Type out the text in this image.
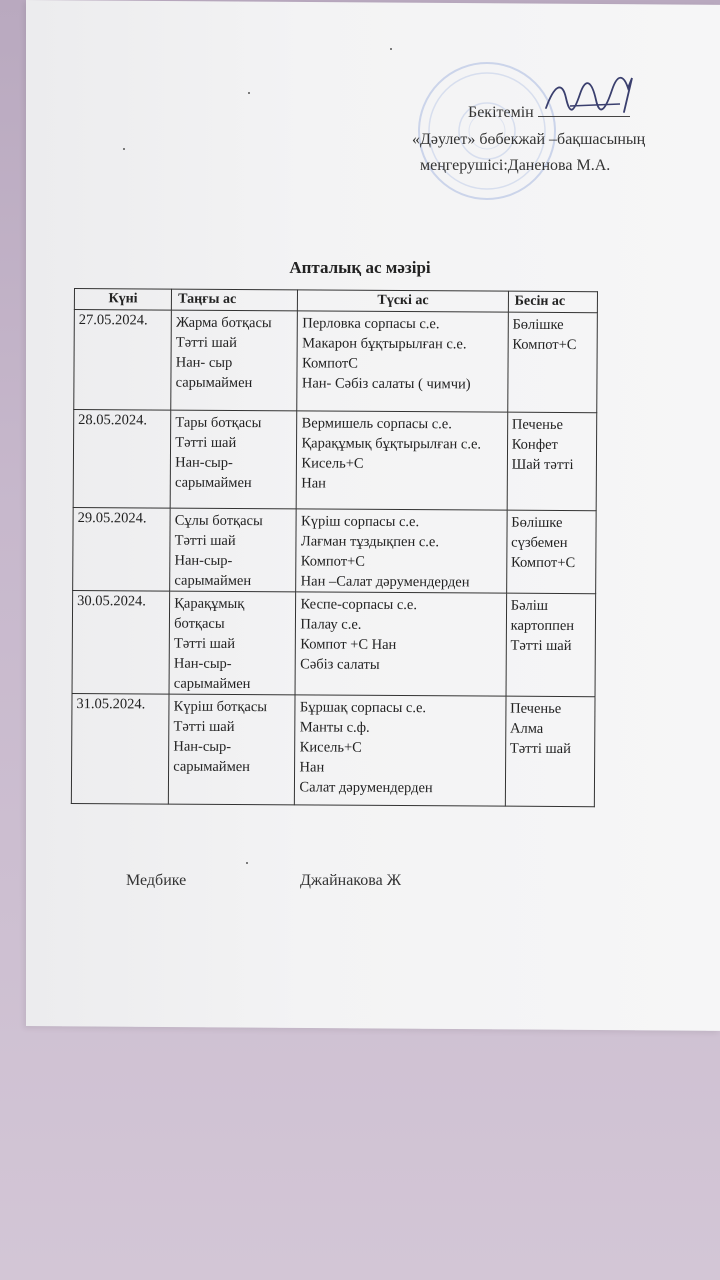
Бекітемін
«Дәулет» бөбекжай –бақшасының
меңгерушісі:Даненова М.А.
Апталық ас мәзірі
Күні	Таңғы ас	Түскі ас	Бесін ас
27.05.2024.	Жарма ботқасы
Тәтті шай
Нан- сыр
сарымаймен	Перловка сорпасы с.е.
Макарон бұқтырылған с.е.
КомпотС
Нан- Сәбіз салаты ( чимчи)	Бөлішке
Компот+С

28.05.2024.	Тары ботқасы
Тәтті шай
Нан-сыр-
сарымаймен	Вермишель сорпасы с.е.
Қарақұмық бұқтырылған с.е.
Кисель+С
Нан	Печенье
Конфет
Шай тәтті

29.05.2024.	Сұлы ботқасы
Тәтті шай
Нан-сыр-
сарымаймен	Күріш сорпасы с.е.
Лағман тұздықпен с.е.
Компот+С
Нан –Салат дәрумендерден	Бөлішке
сүзбемен
Компот+С

30.05.2024.	Қарақұмық
ботқасы
Тәтті шай
Нан-сыр-
сарымаймен	Кеспе-сорпасы с.е.
Палау с.е.
Компот +С Нан
Сәбіз салаты	Бәліш
картоппен
Тәтті шай

31.05.2024.	Күріш ботқасы
Тәтті шай
Нан-сыр-
сарымаймен	Бұршақ сорпасы с.е.
Манты с.ф.
Кисель+С
Нан
Салат дәрумендерден	Печенье
Алма
Тәтті шай
Медбике	Джайнакова Ж
